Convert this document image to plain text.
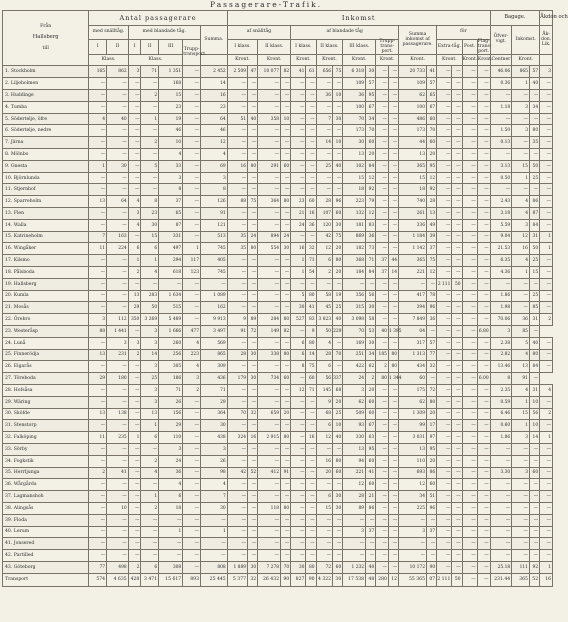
Passagerare-Trafik.
Från
Hallsberg
till	Antal passagerare							Inkomst																		Bagage.			Åkdon och
	med snälltåg.		med blandade tåg.				Summa.	af snälltåg				af blandade tåg								Summa inkomst af passagerare.		för				Öfver-vigt.	Inkomst.		Åk-don. Lik.
	I	II	I	II	III	Trupp-transport.		I klass.		II klass.		I klass.		II klass.		III klass.		Trupp-trans-port.				Extra-tåg.		Post.	Flag-trans-port.				
	Klass.		Klass.					Kront.		Kront.		Kront.		Kront.		Kront.		Kront.		Kront.		Kront.		Kront.	Kront.	Centner	Kront.		
1. Stockholm	165	862	3	71	1 351	—	2 452	2 509	47	10 077	82	41	61	656	75	6 318	30	—	—	20 733	41	—	—	—	—	46.06	865	57	3
2. Liljeholmen	—	—	—	—	168	—	14	—	—	—	—	—	—	—	—	109	57	—	—	109	57	—	—	—	—	0.36	1	40	—
3. Huddinge	—	—	—	2	15	—	16	—	—	—	—	—	—	36	10	36	95	—	—	62	65	—	—	—	—	—	—	—	—
4. Tumba	—	—	—	—	23	—	23	—	—	—	—	—	—	—	—	100	67	—	—	100	67	—	—	—	—	1.18	3	34	—
5. Södertelje, öfre	4	40	—	1	19	—	64	51	40	358	10	—	—	7	30	70	34	—	—	486	60	—	—	—	—	—	—	—	—
6. Södertelje, nedre	—	—	—	—	46	—	46	—	—	—	—	—	—	—	—	173	70	—	—	173	70	—	—	—	—	1.50	3	80	—
7. Järna	—	—	—	2	10	—	12	—	—	—	—	—	—	14	10	30	60	—	—	44	60	—	—	—	—	0.13	—	35	—
8. Mölnbo	—	—	—	—	4	—	4	—	—	—	—	—	—	—	—	13	20	—	—	13	20	—	—	—	—	—	—	—	—
9. Gnesta	1	30	—	5	33	—	69	16	80	291	60	—	—	25	40	102	84	—	—	365	95	—	—	—	—	3.13	15	50	—
10. Björnlunda	—	—	—	—	3	—	3	—	—	—	—	—	—	—	—	15	12	—	—	15	12	—	—	—	—	0.50	1	25	—
11. Stjernhof	—	—	—	—	8	—	8	—	—	—	—	—	—	—	—	18	92	—	—	18	92	—	—	—	—	—	—	—	—
12. Sparreholm	13	64	4	8	37	—	126	88	75	364	80	23	60	28	96	223	79	—	—	740	28	—	—	—	—	2.43	4	86	—
13. Flen	—	—	3	23	65	—	91	—	—	—	—	21	16	107	60	132	12	—	—	261	13	—	—	—	—	3.18	4	87	—
14. Walla	—	—	4	30	87	—	121	—	—	—	—	24	36	120	30	181	83	—	—	336	49	—	—	—	—	5.59	3	84	—
15. Katrineholm	7	163	—	15	331	—	513	35	24	894	24	—	—	42	75	869	36	—	—	1 184	39	—	—	—	—	9.04	12	31	1
16. Wingåker	11	224	6	6	497	1	745	35	80	554	30	16	32	12	20	182	73	—	—	1 142	37	—	—	—	—	21.53	16	50	1
17. Kilsmo	—	—	1	1	294	117	405	—	—	—	—	1	71	6	80	368	71	37	44	365	75	—	—	—	—	6.35	4	25	—
18. Pålsboda	—	—	2	4	618	123	745	—	—	—	—	1	54	2	20	184	84	37	14	221	12	—	—	—	—	4.36	1	15	—
19. Hallsberg	—	—	—	—	—	—	—	—	—	—	—	—	—	—	—	—	—	—	—	—	—	2 111	50	—	—	—	—	—	—
20. Kumla	—	—	13	283	1 634	—	1 089	—	—	—	—	5	80	58	19	356	56	—	—	417	78	—	—	—	—	1.86	—	25	—
21. Mosås	—	—	29	50	515	—	162	—	—	—	—	30	41	45	25	315	30	—	—	394	96	—	—	—	—	1.98	—	85	—
22. Örebro	3	112	350	3 269	5 489	—	9 913	9	89	284	80	527	83	3 823	40	3 098	58	—	—	7 849	36	—	—	—	—	70.06	36	31	2
23. Westeråsp	88	1 441	—	3	1 666	477	3 497	91	72	149	82	—	9	50	229	70	53	40	1 395	04	—	—	—	—	6.80	3	85	—	
24. Lunå	—	3	3	3	260	4	569	—	—	—	—	6	80	4	—	169	30	—	—	317	57	—	—	—	—	2.38	5	40	—
25. Finnerödja	13	231	2	14	256	223	865	28	30	338	80	6	14	28	70	251	34	185	80	1 313	77	—	—	—	—	2.82	4	80	—
26. Elgarås	—	—	—	3	305	4	309	—	—	—	—	8	75	6	—	422	62	2	80	434	32	—	—	—	—	13.46	13	84	—
27. Töreboda	29	180	—	25	186	3	436	179	30	734	60	—	60	56	337	24	2	80	1 344	60	—	—	—	—	6.00	8	91	—	
28. Hofsåsa	—	—	—	3	71	2	71	—	—	—	—	12	71	145	68	3	20	—	—	175	72	—	—	—	—	2.35	4	31	4
29. Wäring	—	—	—	3	26	—	29	—	—	—	—	—	—	9	20	62	60	—	—	62	80	—	—	—	—	0.59	1	10	—
30. Sköfde	13	138	—	13	156	—	364	70	32	659	20	—	—	68	25	509	60	—	—	1 309	20	—	—	—	—	6.46	15	56	2
31. Stenstorp	—	—	—	1	29	—	30	—	—	—	—	—	—	6	10	93	67	—	—	99	17	—	—	—	—	0.60	1	10	—
32. Falköping	11	235	1	6	110	—	438	324	16	2 915	80	—	16	12	40	330	63	—	—	3 031	97	—	—	—	—	1.86	3	14	1
33. Sörby	—	—	—	—	3	—	3	—	—	—	—	—	—	—	—	13	95	—	—	13	95	—	—	—	—	—	—	—	—
34. Fogkstik	—	—	—	2	24	—	26	—	—	—	—	—	—	16	80	94	60	—	—	110	20	—	—	—	—	—	—	—	—
35. Herrljunga	2	41	—	4	36	—	98	42	52	412	91	—	—	20	60	221	41	—	—	693	86	—	—	—	—	3.30	3	60	—
36. Wårgårda	—	—	—	—	4	—	4	—	—	—	—	—	—	—	—	12	60	—	—	12	60	—	—	—	—	—	—	—	—
37. Lagmanshoh	—	—	—	1	6	—	7	—	—	—	—	—	—	6	30	28	21	—	—	34	51	—	—	—	—	—	—	—	—
38. Alingsås	—	10	—	2	18	—	30	—	—	118	80	—	—	15	30	89	86	—	—	225	96	—	—	—	—	—	—	—	—
39. Floda	—	—	—	—	—	—	—	—	—	—	—	—	—	—	—	—	—	—	—	—	—	—	—	—	—	—	—	—	—
40. Lerum	—	—	—	—	1	—	1	—	—	—	—	—	—	—	—	3	37	—	—	3	37	—	—	—	—	—	—	—	—
41. Jonsered	—	—	—	—	—	—	—	—	—	—	—	—	—	—	—	—	—	—	—	—	—	—	—	—	—	—	—	—	—
42. Partilled	—	—	—	—	—	—	—	—	—	—	—	—	—	—	—	—	—	—	—	—	—	—	—	—	—	—	—	—	—
43. Göteborg	77	498	2	6	308	—	808	1 889	30	7 278	70	30	80	72	60	1 232	40	—	—	10 172	90	—	—	—	—	25.18	111	92	1
Transport	574	4 635	428	3 471	15 617	893	25 445	5 377	32	26 432	90	827	90	4 322	30	17 538	48	280	12	55 365	07	2 111	50	—	—	231.44	365	52	16
